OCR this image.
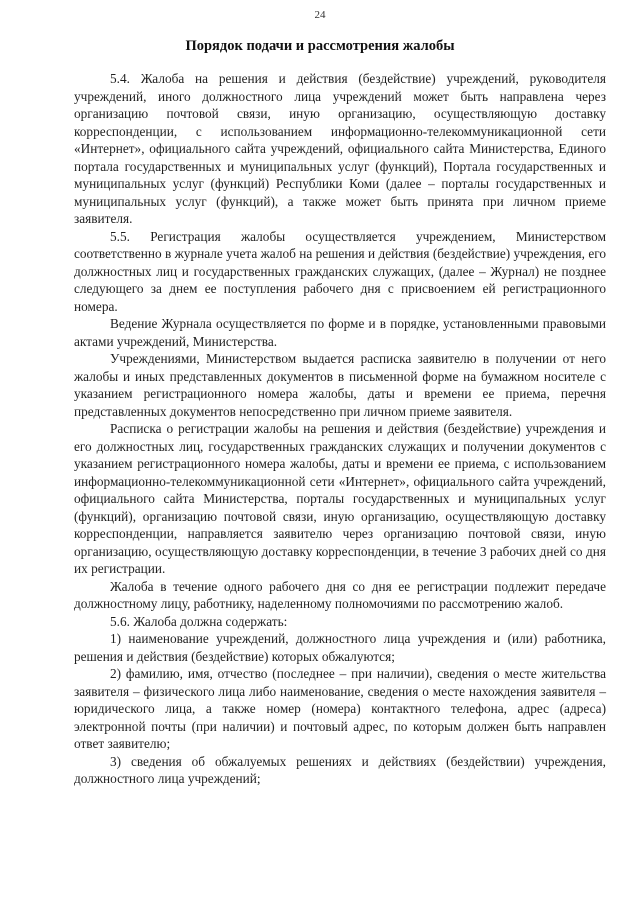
24
Порядок подачи и рассмотрения жалобы

5.4. Жалоба на решения и действия (бездействие) учреждений, руководителя учреждений, иного должностного лица учреждений может быть направлена через организацию почтовой связи, иную организацию, осуществляющую доставку корреспонденции, с использованием информационно-телекоммуникационной сети «Интернет», официального сайта учреждений, официального сайта Министерства, Единого портала государственных и муниципальных услуг (функций), Портала государственных и муниципальных услуг (функций) Республики Коми (далее – порталы государственных и муниципальных услуг (функций), а также может быть принята при личном приеме заявителя.

5.5. Регистрация жалобы осуществляется учреждением, Министерством соответственно в журнале учета жалоб на решения и действия (бездействие) учреждения, его должностных лиц и государственных гражданских служащих, (далее – Журнал) не позднее следующего за днем ее поступления рабочего дня с присвоением ей регистрационного номера.

Ведение Журнала осуществляется по форме и в порядке, установленными правовыми актами учреждений, Министерства.

Учреждениями, Министерством выдается расписка заявителю в получении от него жалобы и иных представленных документов в письменной форме на бумажном носителе с указанием регистрационного номера жалобы, даты и времени ее приема, перечня представленных документов непосредственно при личном приеме заявителя.

Расписка о регистрации жалобы на решения и действия (бездействие) учреждения и его должностных лиц, государственных гражданских служащих и получении документов с указанием регистрационного номера жалобы, даты и времени ее приема, с использованием информационно-телекоммуникационной сети «Интернет», официального сайта учреждений, официального сайта Министерства, порталы государственных и муниципальных услуг (функций), организацию почтовой связи, иную организацию, осуществляющую доставку корреспонденции, направляется заявителю через организацию почтовой связи, иную организацию, осуществляющую доставку корреспонденции, в течение 3 рабочих дней со дня их регистрации.

Жалоба в течение одного рабочего дня со дня ее регистрации подлежит передаче должностному лицу, работнику, наделенному полномочиями по рассмотрению жалоб.

5.6. Жалоба должна содержать:

1) наименование учреждений, должностного лица учреждения и (или) работника, решения и действия (бездействие) которых обжалуются;

2) фамилию, имя, отчество (последнее – при наличии), сведения о месте жительства заявителя – физического лица либо наименование, сведения о месте нахождения заявителя – юридического лица, а также номер (номера) контактного телефона, адрес (адреса) электронной почты (при наличии) и почтовый адрес, по которым должен быть направлен ответ заявителю;

3) сведения об обжалуемых решениях и действиях (бездействии) учреждения, должностного лица учреждений;
